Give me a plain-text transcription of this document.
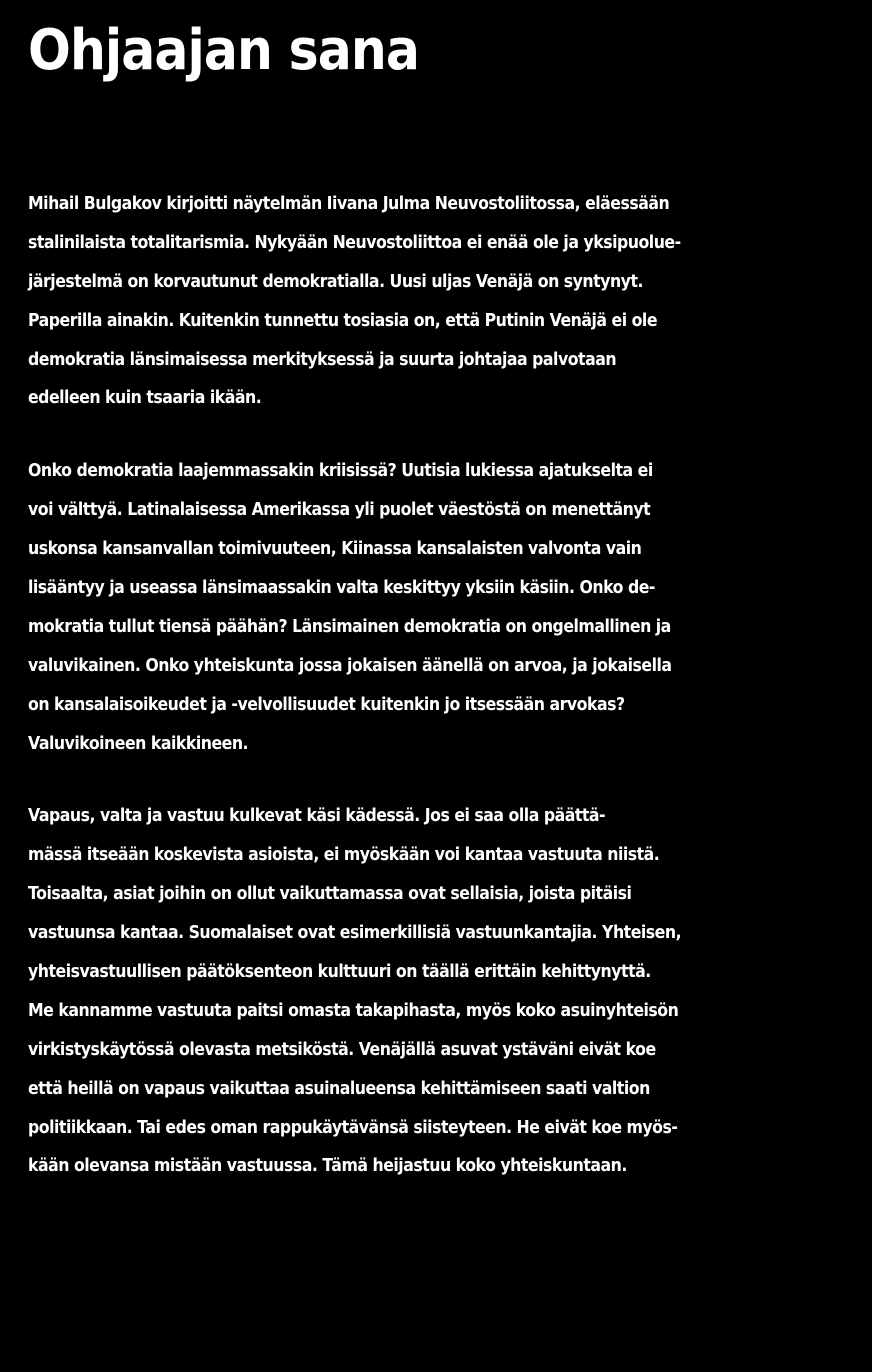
Ohjaajan sana
Mihail Bulgakov kirjoitti näytelmän Iivana Julma Neuvostoliitossa, eläessään
stalinilaista totalitarismia. Nykyään Neuvostoliittoa ei enää ole ja yksipuolue-
järjestelmä on korvautunut demokratialla. Uusi uljas Venäjä on syntynyt.
Paperilla ainakin. Kuitenkin tunnettu tosiasia on, että Putinin Venäjä ei ole
demokratia länsimaisessa merkityksessä ja suurta johtajaa palvotaan
edelleen kuin tsaaria ikään.
Onko demokratia laajemmassakin kriisissä? Uutisia lukiessa ajatukselta ei
voi välttyä. Latinalaisessa Amerikassa yli puolet väestöstä on menettänyt
uskonsa kansanvallan toimivuuteen, Kiinassa kansalaisten valvonta vain
lisääntyy ja useassa länsimaassakin valta keskittyy yksiin käsiin. Onko de-
mokratia tullut tiensä päähän? Länsimainen demokratia on ongelmallinen ja
valuvikainen. Onko yhteiskunta jossa jokaisen äänellä on arvoa, ja jokaisella
on kansalaisoikeudet ja -velvollisuudet kuitenkin jo itsessään arvokas?
Valuvikoineen kaikkineen.
Vapaus, valta ja vastuu kulkevat käsi kädessä. Jos ei saa olla päättä-
mässä itseään koskevista asioista, ei myöskään voi kantaa vastuuta niistä.
Toisaalta, asiat joihin on ollut vaikuttamassa ovat sellaisia, joista pitäisi
vastuunsa kantaa. Suomalaiset ovat esimerkillisiä vastuunkantajia. Yhteisen,
yhteisvastuullisen päätöksenteon kulttuuri on täällä erittäin kehittynyttä.
Me kannamme vastuuta paitsi omasta takapihasta, myös koko asuinyhteisön
virkistyskäytössä olevasta metsiköstä. Venäjällä asuvat ystäväni eivät koe
että heillä on vapaus vaikuttaa asuinalueensa kehittämiseen saati valtion
politiikkaan. Tai edes oman rappukäytävänsä siisteyteen. He eivät koe myös-
kään olevansa mistään vastuussa. Tämä heijastuu koko yhteiskuntaan.
